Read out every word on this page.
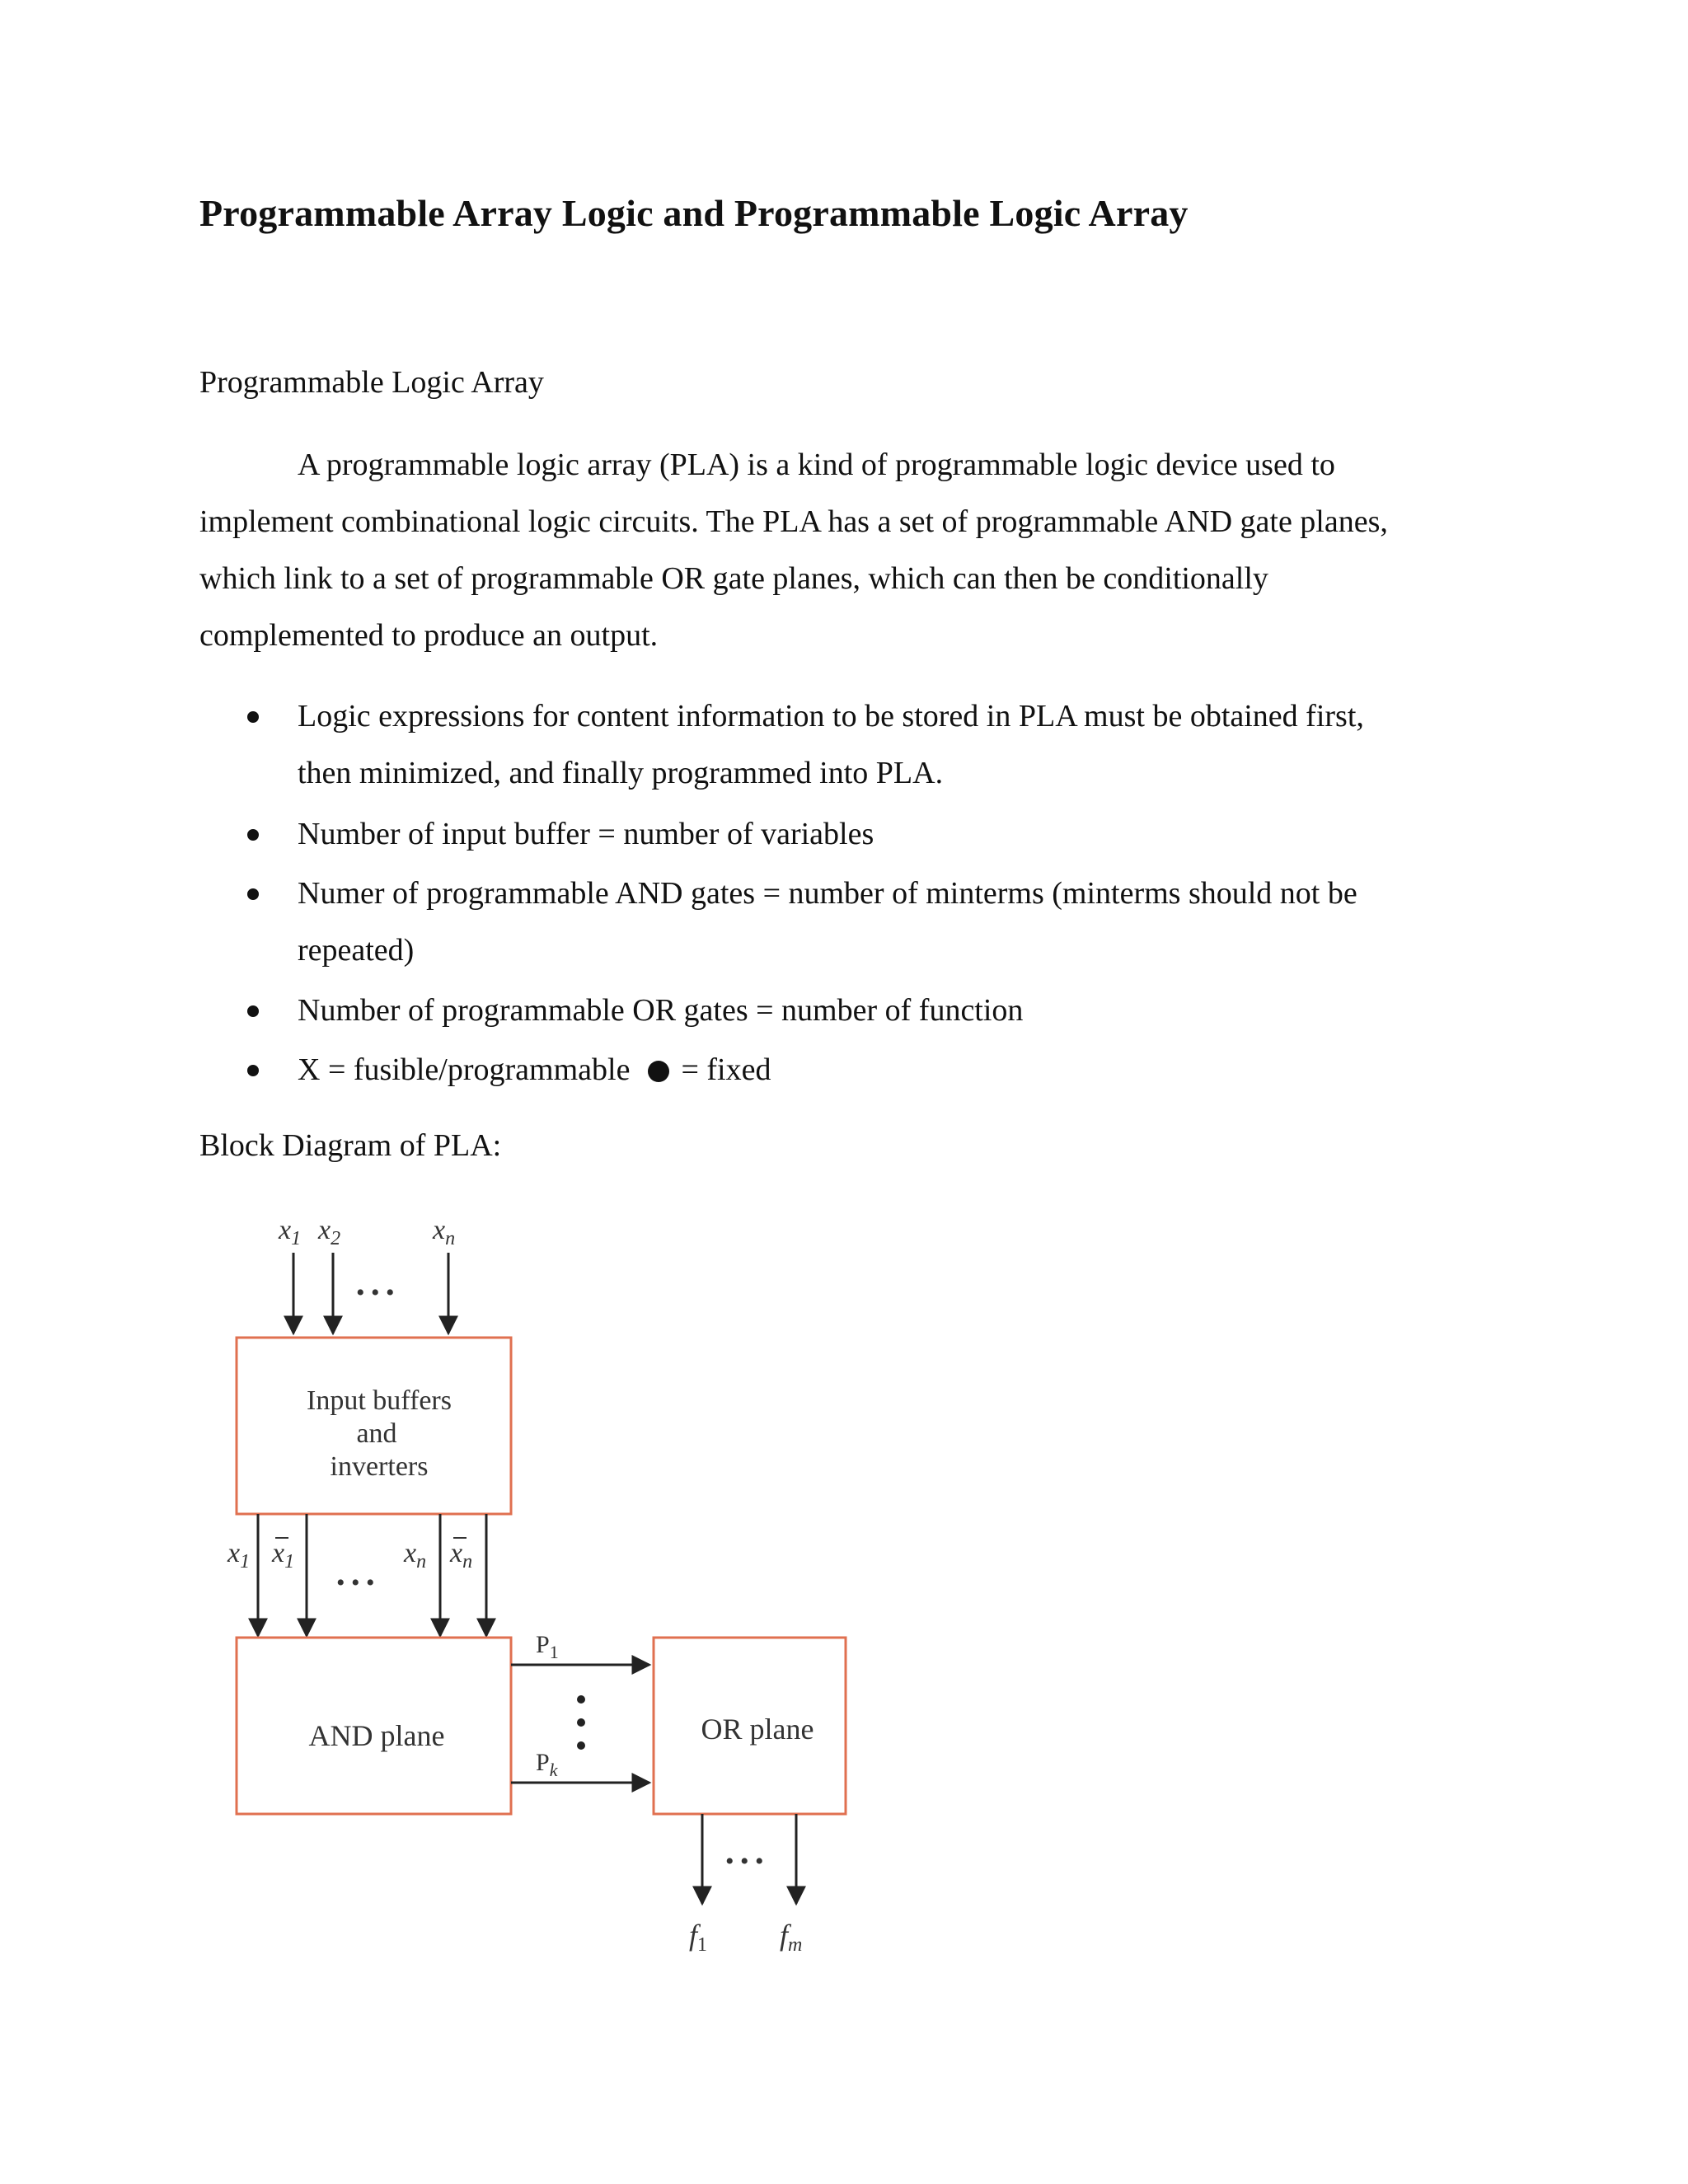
Programmable Array Logic and Programmable Logic Array
Programmable Logic Array

A programmable logic array (PLA) is a kind of programmable logic device used to
implement combinational logic circuits. The PLA has a set of programmable AND gate planes,
which link to a set of programmable OR gate planes, which can then be conditionally
complemented to produce an output.

Logic expressions for content information to be stored in PLA must be obtained first,
then minimized, and finally programmed into PLA.
Number of input buffer = number of variables
Numer of programmable AND gates = number of minterms (minterms should not be
repeated)
Number of programmable OR gates = number of function
X = fusible/programmable = fixed
Block Diagram of PLA:
$x_1$ $x_2$	$x_n$
• • •
Input buffers
and
inverters
$x_1$ $x_1$	$x_n$ $x_n$
• • •
AND plane
$P_1$
$P_k$
OR plane
• • •
f1 fm
